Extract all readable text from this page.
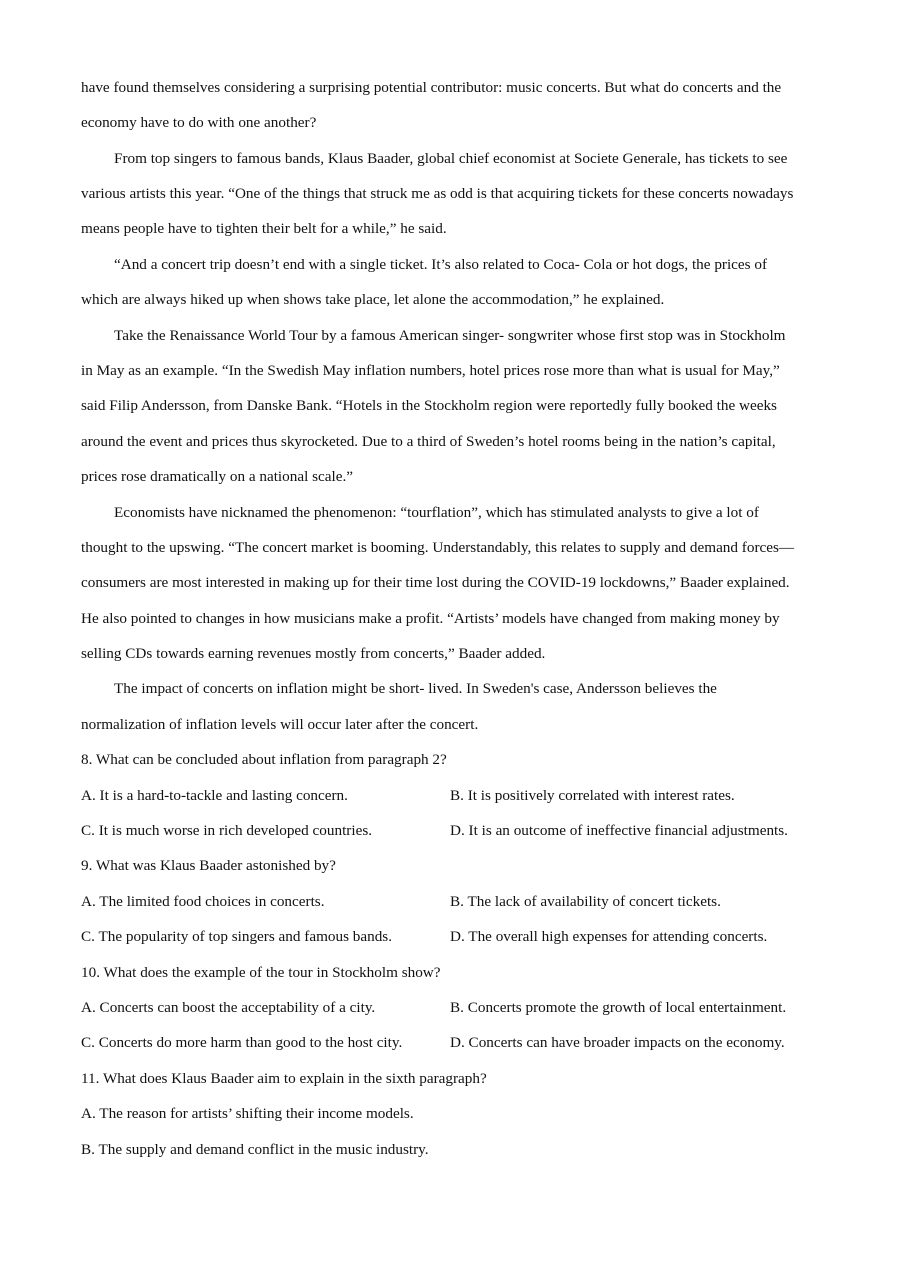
have found themselves considering a surprising potential contributor: music concerts. But what do concerts and the
economy have to do with one another?
From top singers to famous bands, Klaus Baader, global chief economist at Societe Generale, has tickets to see
various artists this year. “One of the things that struck me as odd is that acquiring tickets for these concerts nowadays
means people have to tighten their belt for a while,” he said.
“And a concert trip doesn’t end with a single ticket. It’s also related to Coca- Cola or hot dogs, the prices of
which are always hiked up when shows take place, let alone the accommodation,” he explained.
Take the Renaissance World Tour by a famous American singer- songwriter whose first stop was in Stockholm
in May as an example. “In the Swedish May inflation numbers, hotel prices rose more than what is usual for May,”
said Filip Andersson, from Danske Bank. “Hotels in the Stockholm region were reportedly fully booked the weeks
around the event and prices thus skyrocketed. Due to a third of Sweden’s hotel rooms being in the nation’s capital,
prices rose dramatically on a national scale.”
Economists have nicknamed the phenomenon: “tourflation”, which has stimulated analysts to give a lot of
thought to the upswing. “The concert market is booming. Understandably, this relates to supply and demand forces—
consumers are most interested in making up for their time lost during the COVID-19 lockdowns,” Baader explained.
He also pointed to changes in how musicians make a profit. “Artists’ models have changed from making money by
selling CDs towards earning revenues mostly from concerts,” Baader added.
The impact of concerts on inflation might be short- lived. In Sweden's case, Andersson believes the
normalization of inflation levels will occur later after the concert.
8. What can be concluded about inflation from paragraph 2?
A. It is a hard-to-tackle and lasting concern.	B. It is positively correlated with interest rates.
C. It is much worse in rich developed countries.	D. It is an outcome of ineffective financial adjustments.
9. What was Klaus Baader astonished by?
A. The limited food choices in concerts.	B. The lack of availability of concert tickets.
C. The popularity of top singers and famous bands.	D. The overall high expenses for attending concerts.
10. What does the example of the tour in Stockholm show?
A. Concerts can boost the acceptability of a city.	B. Concerts promote the growth of local entertainment.
C. Concerts do more harm than good to the host city.	D. Concerts can have broader impacts on the economy.
11. What does Klaus Baader aim to explain in the sixth paragraph?
A. The reason for artists’ shifting their income models.
B. The supply and demand conflict in the music industry.
